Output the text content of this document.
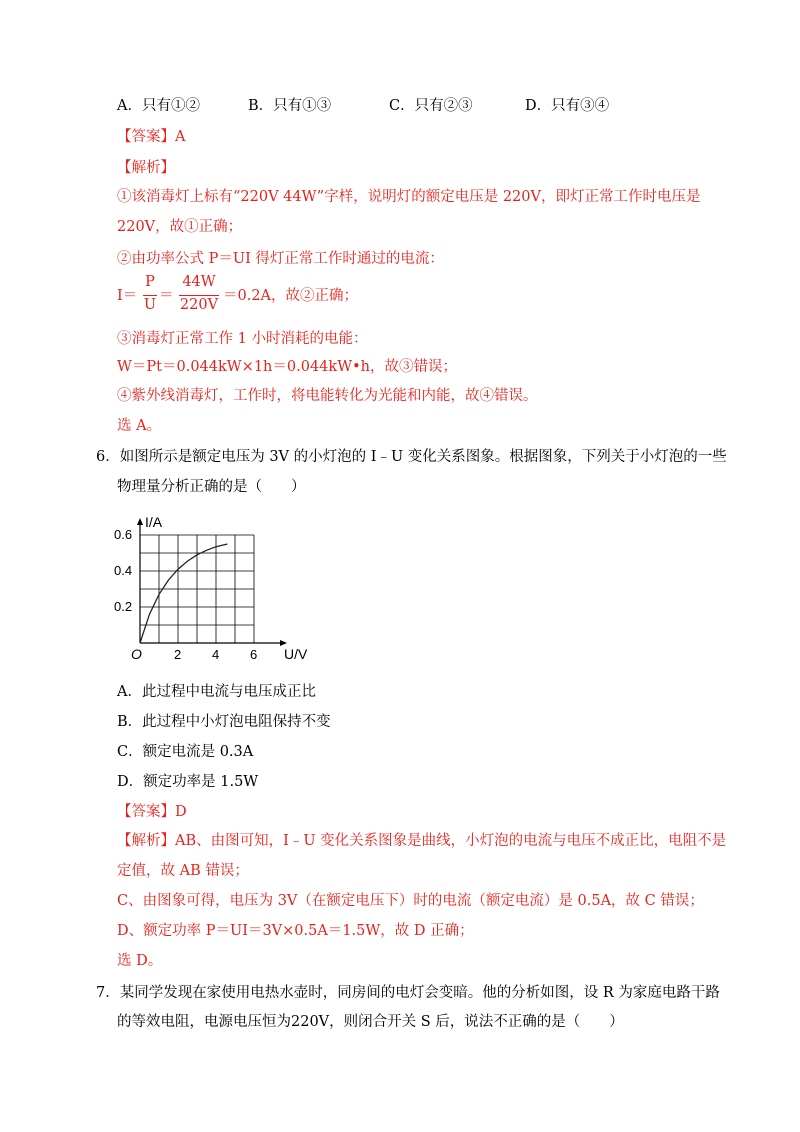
A．只有①②	B．只有①③	C．只有②③	D．只有③④
【答案】A
【解析】
①该消毒灯上标有“220V 44W”字样，说明灯的额定电压是 220V，即灯正常工作时电压是
220V，故①正确；
②由功率公式 P＝UI 得灯正常工作时通过的电流：
I＝
P
U
＝
44W
220V
＝0.2A，故②正确；
③消毒灯正常工作 1 小时消耗的电能：
W＝Pt＝0.044kW×1h＝0.044kW•h，故③错误；
④紫外线消毒灯，工作时，将电能转化为光能和内能，故④错误。
选 A。
6．如图所示是额定电压为 3V 的小灯泡的 I﹣U 变化关系图象。根据图象，下列关于小灯泡的一些
物理量分析正确的是（　　）
I/A
U/V
O 2 4 6
0.2
0.4
0.6
A．此过程中电流与电压成正比
B．此过程中小灯泡电阻保持不变
C．额定电流是 0.3A
D．额定功率是 1.5W
【答案】D
【解析】AB、由图可知，I﹣U 变化关系图象是曲线，小灯泡的电流与电压不成正比，电阻不是
定值，故 AB 错误；
C、由图象可得，电压为 3V（在额定电压下）时的电流（额定电流）是 0.5A，故 C 错误；
D、额定功率 P＝UI＝3V×0.5A＝1.5W，故 D 正确；
选 D。
7．某同学发现在家使用电热水壶时，同房间的电灯会变暗。他的分析如图，设 R 为家庭电路干路
的等效电阻，电源电压恒为220V，则闭合开关 S 后，说法不正确的是（　　）
